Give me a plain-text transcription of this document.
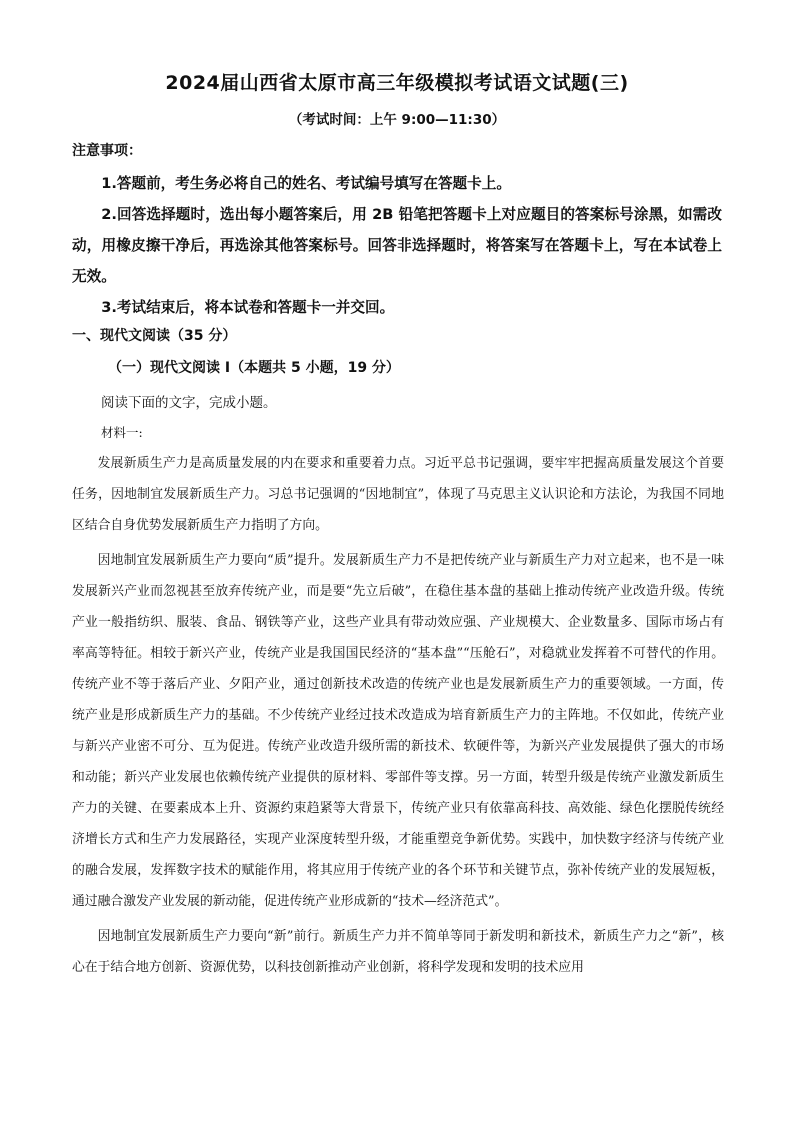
2024届山西省太原市高三年级模拟考试语文试题(三)
（考试时间：上午 9:00—11:30）
注意事项：

1.答题前，考生务必将自己的姓名、考试编号填写在答题卡上。

2.回答选择题时，选出每小题答案后，用 2B 铅笔把答题卡上对应题目的答案标号涂黑，如需改动，用橡皮擦干净后，再选涂其他答案标号。回答非选择题时，将答案写在答题卡上，写在本试卷上无效。

3.考试结束后，将本试卷和答题卡一并交回。

一、现代文阅读（35 分）
（一）现代文阅读 I（本题共 5 小题，19 分）
阅读下面的文字，完成小题。
材料一:

发展新质生产力是高质量发展的内在要求和重要着力点。习近平总书记强调，要牢牢把握高质量发展这个首要任务，因地制宜发展新质生产力。习总书记强调的“因地制宜”，体现了马克思主义认识论和方法论，为我国不同地区结合自身优势发展新质生产力指明了方向。

因地制宜发展新质生产力要向“质”提升。发展新质生产力不是把传统产业与新质生产力对立起来，也不是一味发展新兴产业而忽视甚至放弃传统产业，而是要“先立后破”，在稳住基本盘的基础上推动传统产业改造升级。传统产业一般指纺织、服装、食品、钢铁等产业，这些产业具有带动效应强、产业规模大、企业数量多、国际市场占有率高等特征。相较于新兴产业，传统产业是我国国民经济的“基本盘”“压舱石”，对稳就业发挥着不可替代的作用。传统产业不等于落后产业、夕阳产业，通过创新技术改造的传统产业也是发展新质生产力的重要领域。一方面，传统产业是形成新质生产力的基础。不少传统产业经过技术改造成为培育新质生产力的主阵地。不仅如此，传统产业与新兴产业密不可分、互为促进。传统产业改造升级所需的新技术、软硬件等，为新兴产业发展提供了强大的市场和动能；新兴产业发展也依赖传统产业提供的原材料、零部件等支撑。另一方面，转型升级是传统产业激发新质生产力的关键、在要素成本上升、资源约束趋紧等大背景下，传统产业只有依靠高科技、高效能、绿色化摆脱传统经济增长方式和生产力发展路径，实现产业深度转型升级，才能重塑竞争新优势。实践中，加快数字经济与传统产业的融合发展，发挥数字技术的赋能作用，将其应用于传统产业的各个环节和关键节点，弥补传统产业的发展短板，通过融合激发产业发展的新动能，促进传统产业形成新的“技术—经济范式”。

因地制宜发展新质生产力要向“新”前行。新质生产力并不简单等同于新发明和新技术，新质生产力之“新”，核心在于结合地方创新、资源优势，以科技创新推动产业创新，将科学发现和发明的技术应用
